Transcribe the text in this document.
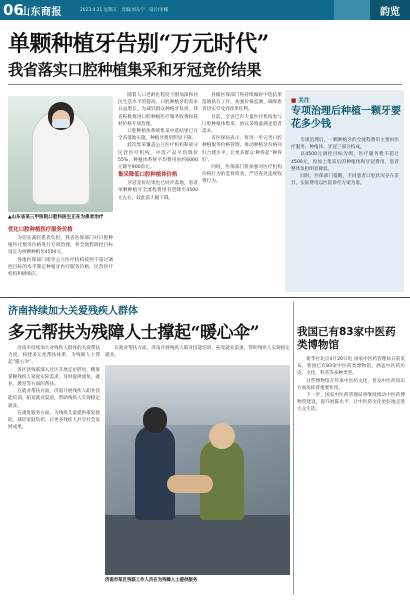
06
山东商报	2023.4.21 星期五　责编/刘东宁　设计/李娜	韵览
单颗种植牙告别“万元时代”
我省落实口腔种植集采和牙冠竞价结果
▲山东省某三甲医院口腔科医生正在为患者治疗

优化口腔种植医疗服务价格

为切实减轻患者负担，我省医保部门对口腔种植医疗服务价格进行专项治理，将全流程调控目标设定为单颗种植牙4500元。

各地医保部门指导公立医疗机构按照不超过调控目标的水平制定种植牙医疗服务价格，民营医疗机构积极响应。

随着人口老龄化程度不断加深和居民生活水平的提高，口腔种植牙的需求日益增长。为减轻群众种植牙负担，我省积极推进口腔种植医疗服务收费和耗材价格专项治理。

口腔种植体系统集采中选结果已在全省落地实施，种植牙费用明显下降。

此次集采覆盖公立医疗机构和部分民营医疗机构，中选产品平均降价55%，种植体系统平均费用由约6000元降至900余元。

集采降低口腔种植体价格

牙冠竞价结果也已同步落地，患者单颗种植牙全流程费用有望降至4500元左右，较此前大幅下降。

各级医保部门将持续做好中选结果落地执行工作，加强价格监测，确保患者切实享受到改革红利。

目前，全省已有大量医疗机构参与口腔种植体集采，协议采购量满足患者需求。

省医保局表示，将进一步完善口腔种植服务价格管理，推动种植牙价格回归合理水平，让更多群众‘种得起’‘种得好’。

同时，医保部门将加强对医疗机构价格行为的监督检查，严厉查处违规收费行为。

■ 关注
专项治理后种植一颗牙要花多少钱

专项治理后，一颗种植牙的全流程费用主要由医疗服务、种植体、牙冠三部分构成。

以4500元调控目标为例，医疗服务费不超过4500元，再加上集采后的种植体和牙冠费用，患者整体负担明显降低。

同时，医保部门提醒，不同患者口腔状况存在差异，实际费用以医院诊疗方案为准。

济南持续加大关爱残疾人群体
多元帮扶为残障人士撑起“暖心伞”

济南市持续加大对残疾人群体的关爱帮扶力度，构建多元化帮扶体系，为残障人士撑起“暖心伞”。

各区县残联深入社区开展走访慰问，精准掌握残疾人家庭实际需求，及时提供康复、就业、教育等方面的帮扶。

在就业帮扶方面，济南开展残疾人职业技能培训，拓宽就业渠道，帮助残疾人实现稳定就业。

在康复服务方面，为残疾儿童提供康复救助，减轻家庭负担，让更多残疾人共享社会发展成果。

在就业帮扶方面，济南开展残疾人职业技能培训，拓宽就业渠道，帮助残疾人实现稳定就业。

济南市某区残联工作人员在为残障人士提供服务
我国已有83家中医药类博物馆

新华社北京4月20日电 国家中医药管理局日前发布，我国已有83家中医药类博物馆，涵盖中医药历史、文化、科普等多种类型。

这些博物馆在传承中医药文化、普及中医药知识方面发挥着重要作用。

下一步，国家中医药管理局将继续推动中医药博物馆建设，提升展陈水平，让中医药文化更好地走进大众生活。
